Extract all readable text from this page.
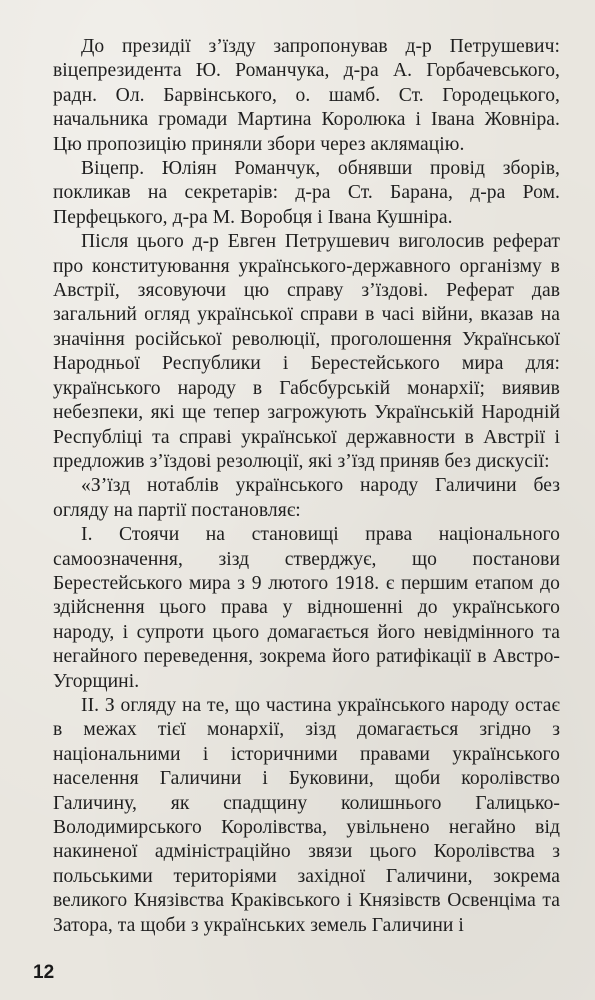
До президії з’їзду запропонував д-р Петрушевич: віцепрезидента Ю. Романчука, д-ра А. Горбачевського, радн. Ол. Барвінського, о. шамб. Ст. Городецького, начальника громади Мартина Королюка і Івана Жовніра. Цю пропозицію приняли збори через аклямацію.

Віцепр. Юліян Романчук, обнявши провід зборів, покликав на секретарів: д-ра Ст. Барана, д-ра Ром. Перфецького, д-ра М. Воробця і Івана Кушніра.

Після цього д-р Евген Петрушевич виголосив реферат про конституювання українського-державного організму в Австрії, зясовуючи цю справу з’їздові. Реферат дав загальний огляд української справи в часі війни, вказав на значіння російської революції, проголошення Української Народньої Республики і Берестейського мира для: українського народу в Габсбурській монархії; виявив небезпеки, які ще тепер загрожують Українській Народній Республіці та справі української державности в Австрії і предложив з’їздові резолюції, які з’їзд приняв без дискусії:

«З’їзд нотаблів українського народу Галичини без огляду на партії постановляє:

I. Стоячи на становищі права національного самоозначення, зізд стверджує, що постанови Берестейського мира з 9 лютого 1918. є першим етапом до здійснення цього права у відношенні до українського народу, і супроти цього домагається його невідмінного та негайного переведення, зокрема його ратифікації в Австро-Угорщині.

II. З огляду на те, що частина українського народу остає в межах тієї монархії, зізд домагається згідно з національними і історичними правами українського населення Галичини і Буковини, щоби королівство Галичину, як спадщину колишнього Галицько-Володимирського Королівства, увільнено негайно від накиненої адміністраційно звязи цього Королівства з польськими територіями західної Галичини, зокрема великого Князівства Краківського і Князівств Освенціма та Затора, та щоби з українських земель Галичини і

12
